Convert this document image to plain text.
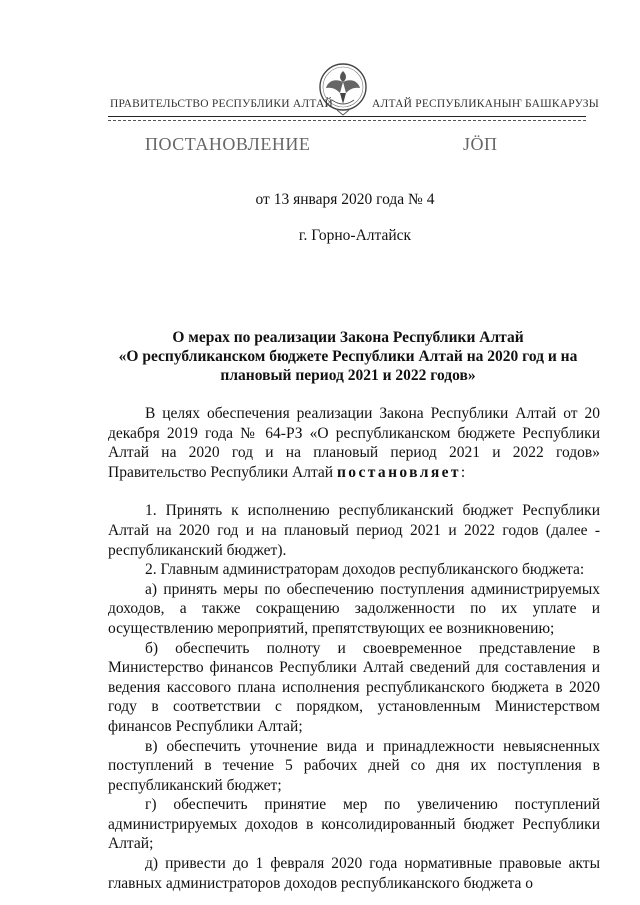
ПРАВИТЕЛЬСТВО РЕСПУБЛИКИ АЛТАЙ	АЛТАЙ РЕСПУБЛИКАНЫҤ БАШКАРУЗЫ
ПОСТАНОВЛЕНИЕ	ЈӦП
от 13 января 2020 года № 4
г. Горно-Алтайск
О мерах по реализации Закона Республики Алтай
«О республиканском бюджете Республики Алтай на 2020 год и на
плановый период 2021 и 2022 годов»

В целях обеспечения реализации Закона Республики Алтай от 20 декабря 2019 года № 64-РЗ «О республиканском бюджете Республики Алтай на 2020 год и на плановый период 2021 и 2022 годов» Правительство Республики Алтай постановляет:

1. Принять к исполнению республиканский бюджет Республики Алтай на 2020 год и на плановый период 2021 и 2022 годов (далее - республиканский бюджет).

2. Главным администраторам доходов республиканского бюджета:

а) принять меры по обеспечению поступления администрируемых доходов, а также сокращению задолженности по их уплате и осуществлению мероприятий, препятствующих ее возникновению;

б) обеспечить полноту и своевременное представление в Министерство финансов Республики Алтай сведений для составления и ведения кассового плана исполнения республиканского бюджета в 2020 году в соответствии с порядком, установленным Министерством финансов Республики Алтай;

в) обеспечить уточнение вида и принадлежности невыясненных поступлений в течение 5 рабочих дней со дня их поступления в республиканский бюджет;

г) обеспечить принятие мер по увеличению поступлений администрируемых доходов в консолидированный бюджет Республики Алтай;

д) привести до 1 февраля 2020 года нормативные правовые акты главных администраторов доходов республиканского бюджета о
